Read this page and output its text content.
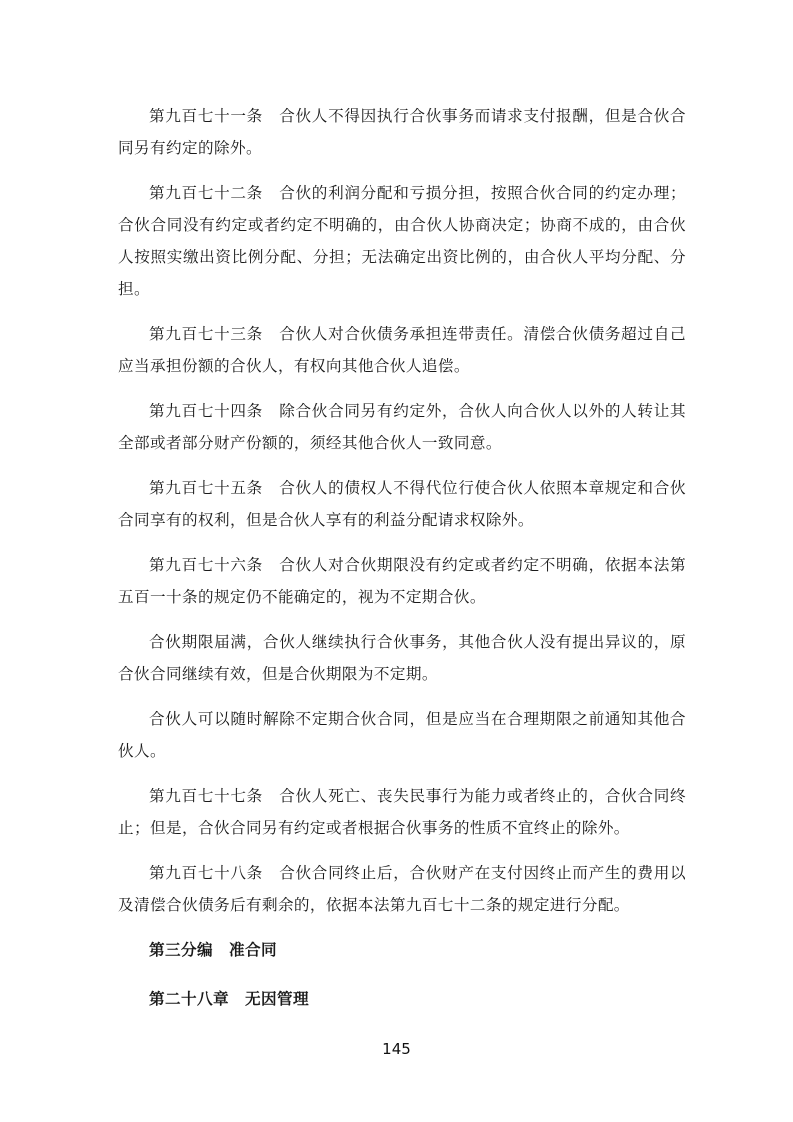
第九百七十一条　 合伙人不得因执行合伙事务而请求支付报酬，但是合伙合同另有约定的除外。

第九百七十二条　 合伙的利润分配和亏损分担，按照合伙合同的约定办理；合伙合同没有约定或者约定不明确的，由合伙人协商决定；协商不成的，由合伙人按照实缴出资比例分配、分担；无法确定出资比例的，由合伙人平均分配、分担。

第九百七十三条　 合伙人对合伙债务承担连带责任。清偿合伙债务超过自己应当承担份额的合伙人，有权向其他合伙人追偿。

第九百七十四条　 除合伙合同另有约定外，合伙人向合伙人以外的人转让其全部或者部分财产份额的，须经其他合伙人一致同意。

第九百七十五条　 合伙人的债权人不得代位行使合伙人依照本章规定和合伙合同享有的权利，但是合伙人享有的利益分配请求权除外。

第九百七十六条　 合伙人对合伙期限没有约定或者约定不明确，依据本法第五百一十条的规定仍不能确定的，视为不定期合伙。

合伙期限届满，合伙人继续执行合伙事务，其他合伙人没有提出异议的，原合伙合同继续有效，但是合伙期限为不定期。

合伙人可以随时解除不定期合伙合同，但是应当在合理期限之前通知其他合伙人。

第九百七十七条　 合伙人死亡、丧失民事行为能力或者终止的，合伙合同终止；但是，合伙合同另有约定或者根据合伙事务的性质不宜终止的除外。

第九百七十八条　 合伙合同终止后，合伙财产在支付因终止而产生的费用以及清偿合伙债务后有剩余的，依据本法第九百七十二条的规定进行分配。

第三分编　准合同

第二十八章　无因管理

145
